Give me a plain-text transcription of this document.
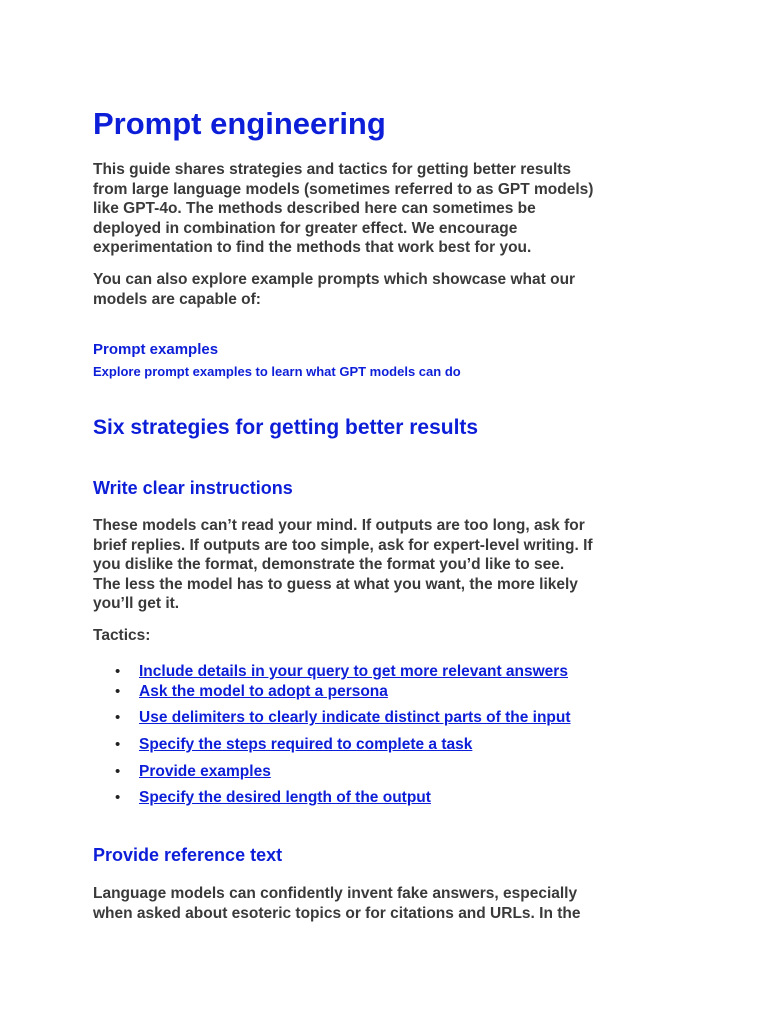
Prompt engineering

This guide shares strategies and tactics for getting better results
from large language models (sometimes referred to as GPT models)
like GPT-4o. The methods described here can sometimes be
deployed in combination for greater effect. We encourage
experimentation to find the methods that work best for you.

You can also explore example prompts which showcase what our
models are capable of:

Prompt examples
Explore prompt examples to learn what GPT models can do
Six strategies for getting better results
Write clear instructions

These models can’t read your mind. If outputs are too long, ask for
brief replies. If outputs are too simple, ask for expert-level writing. If
you dislike the format, demonstrate the format you’d like to see.
The less the model has to guess at what you want, the more likely
you’ll get it.

Tactics:
• Include details in your query to get more relevant answers
• Ask the model to adopt a persona
• Use delimiters to clearly indicate distinct parts of the input
• Specify the steps required to complete a task
• Provide examples
• Specify the desired length of the output
Provide reference text

Language models can confidently invent fake answers, especially
when asked about esoteric topics or for citations and URLs. In the
